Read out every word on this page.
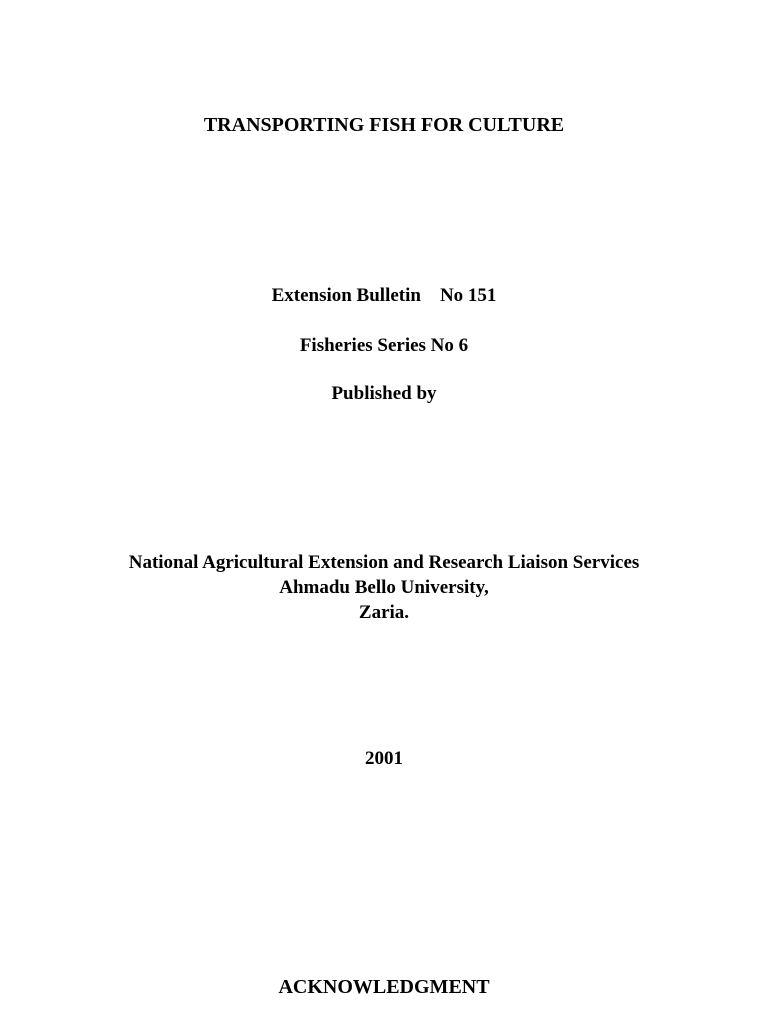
TRANSPORTING FISH FOR CULTURE
Extension Bulletin    No 151
Fisheries Series No 6
Published by
National Agricultural Extension and Research Liaison Services
Ahmadu Bello University,
Zaria.
2001
ACKNOWLEDGMENT
